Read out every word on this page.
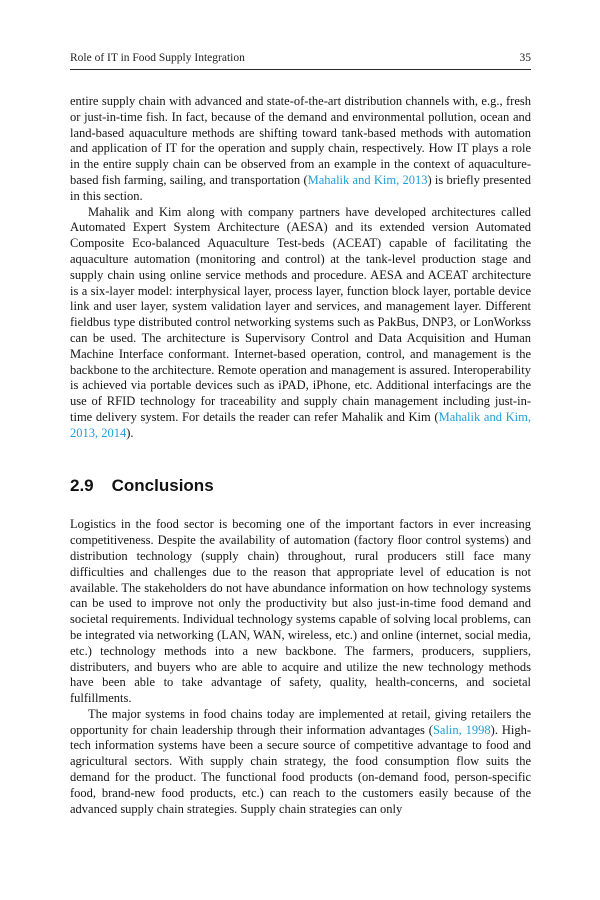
Role of IT in Food Supply Integration	35

entire supply chain with advanced and state-of-the-art distribution channels with, e.g., fresh or just-in-time fish. In fact, because of the demand and environmental pollution, ocean and land-based aquaculture methods are shifting toward tank-based methods with automation and application of IT for the operation and supply chain, respectively. How IT plays a role in the entire supply chain can be observed from an example in the context of aquaculture-based fish farming, sailing, and transportation (Mahalik and Kim, 2013) is briefly presented in this section.

Mahalik and Kim along with company partners have developed architectures called Automated Expert System Architecture (AESA) and its extended version Automated Composite Eco-balanced Aquaculture Test-beds (ACEAT) capable of facilitating the aquaculture automation (monitoring and control) at the tank-level production stage and supply chain using online service methods and procedure. AESA and ACEAT architecture is a six-layer model: interphysical layer, process layer, function block layer, portable device link and user layer, system validation layer and services, and management layer. Different fieldbus type distributed control networking systems such as PakBus, DNP3, or LonWorkss can be used. The architecture is Supervisory Control and Data Acquisition and Human Machine Interface conformant. Internet-based operation, control, and management is the backbone to the architecture. Remote operation and management is assured. Interoperability is achieved via portable devices such as iPAD, iPhone, etc. Additional interfacings are the use of RFID technology for traceability and supply chain management including just-in-time delivery system. For details the reader can refer Mahalik and Kim (Mahalik and Kim, 2013, 2014).

2.9 Conclusions

Logistics in the food sector is becoming one of the important factors in ever increasing competitiveness. Despite the availability of automation (factory floor control systems) and distribution technology (supply chain) throughout, rural producers still face many difficulties and challenges due to the reason that appropriate level of education is not available. The stakeholders do not have abundance information on how technology systems can be used to improve not only the productivity but also just-in-time food demand and societal requirements. Individual technology systems capable of solving local problems, can be integrated via networking (LAN, WAN, wireless, etc.) and online (internet, social media, etc.) technology methods into a new backbone. The farmers, producers, suppliers, distributers, and buyers who are able to acquire and utilize the new technology methods have been able to take advantage of safety, quality, health-concerns, and societal fulfillments.

The major systems in food chains today are implemented at retail, giving retailers the opportunity for chain leadership through their information advantages (Salin, 1998). High-tech information systems have been a secure source of competitive advantage to food and agricultural sectors. With supply chain strategy, the food consumption flow suits the demand for the product. The functional food products (on-demand food, person-specific food, brand-new food products, etc.) can reach to the customers easily because of the advanced supply chain strategies. Supply chain strategies can only
